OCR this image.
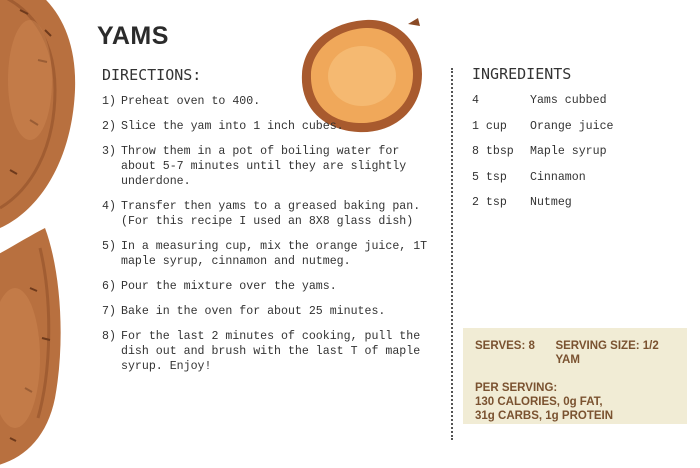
YAMS
DIRECTIONS:
1) Preheat oven to 400.
2) Slice the yam into 1 inch cubes.
3) Throw them in a pot of boiling water for about 5-7 minutes until they are slightly underdone.
4) Transfer then yams to a greased baking pan. (For this recipe I used an 8X8 glass dish)
5) In a measuring cup, mix the orange juice, 1T maple syrup, cinnamon and nutmeg.
6) Pour the mixture over the yams.
7) Bake in the oven for about 25 minutes.
8) For the last 2 minutes of cooking, pull the dish out and brush with the last T of maple syrup. Enjoy!
INGREDIENTS
4	Yams cubbed
1 cup	Orange juice
8 tbsp	Maple syrup
5 tsp	Cinnamon
2 tsp	Nutmeg
SERVES: 8	SERVING SIZE: 1/2 YAM
PER SERVING:
130 CALORIES, 0g FAT,
31g CARBS, 1g PROTEIN
